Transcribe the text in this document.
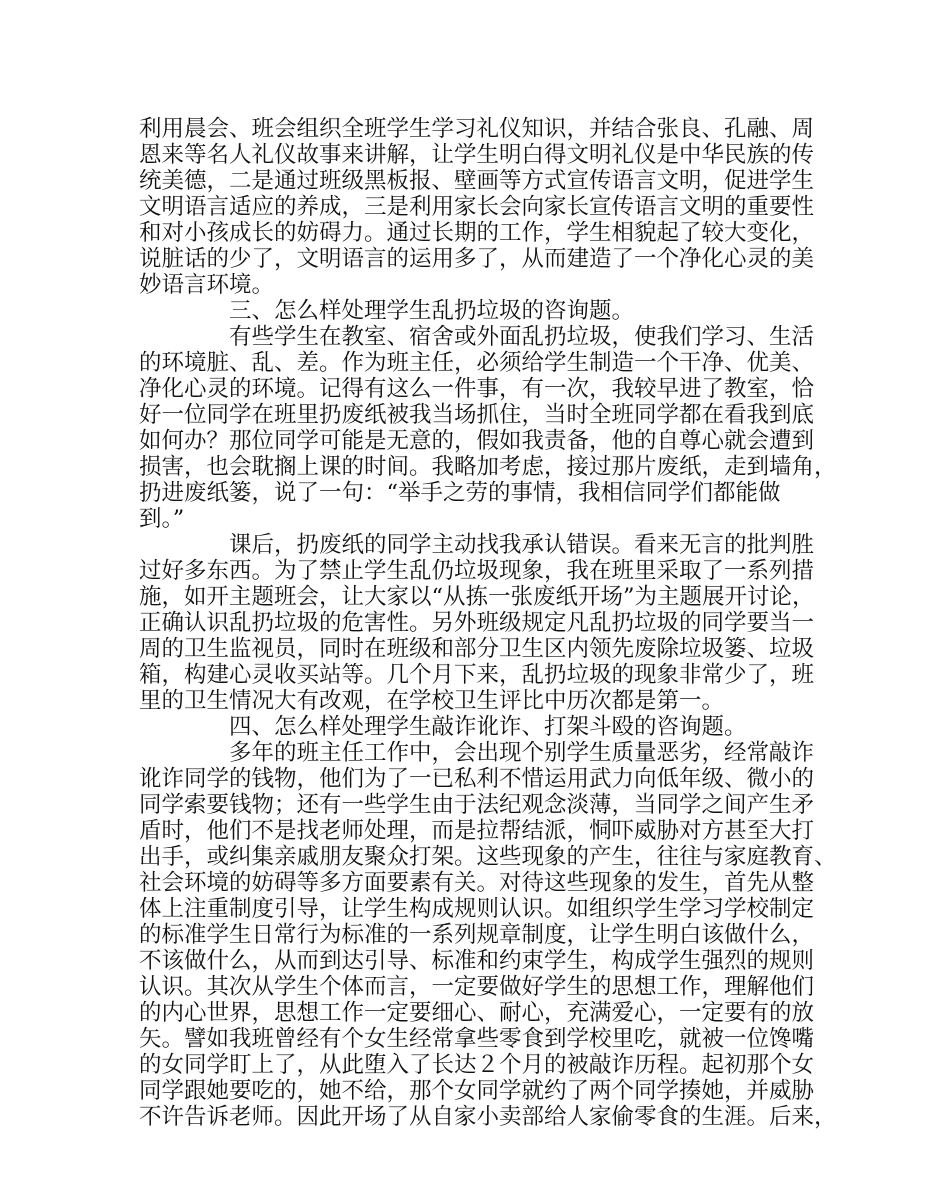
利用晨会、班会组织全班学生学习礼仪知识，并结合张良、孔融、周
恩来等名人礼仪故事来讲解，让学生明白得文明礼仪是中华民族的传
统美德，二是通过班级黑板报、壁画等方式宣传语言文明，促进学生
文明语言适应的养成，三是利用家长会向家长宣传语言文明的重要性
和对小孩成长的妨碍力。通过长期的工作，学生相貌起了较大变化，
说脏话的少了，文明语言的运用多了，从而建造了一个净化心灵的美
妙语言环境。
三、怎么样处理学生乱扔垃圾的咨询题。
有些学生在教室、宿舍或外面乱扔垃圾，使我们学习、生活
的环境脏、乱、差。作为班主任，必须给学生制造一个干净、优美、
净化心灵的环境。记得有这么一件事，有一次，我较早进了教室，恰
好一位同学在班里扔废纸被我当场抓住，当时全班同学都在看我到底
如何办？那位同学可能是无意的，假如我责备，他的自尊心就会遭到
损害，也会耽搁上课的时间。我略加考虑，接过那片废纸，走到墙角，
扔进废纸篓，说了一句：“举手之劳的事情，我相信同学们都能做
到。”
课后，扔废纸的同学主动找我承认错误。看来无言的批判胜
过好多东西。为了禁止学生乱仍垃圾现象，我在班里采取了一系列措
施，如开主题班会，让大家以“从拣一张废纸开场”为主题展开讨论，
正确认识乱扔垃圾的危害性。另外班级规定凡乱扔垃圾的同学要当一
周的卫生监视员，同时在班级和部分卫生区内领先废除垃圾篓、垃圾
箱，构建心灵收买站等。几个月下来，乱扔垃圾的现象非常少了，班
里的卫生情况大有改观，在学校卫生评比中历次都是第一。
四、怎么样处理学生敲诈讹诈、打架斗殴的咨询题。
多年的班主任工作中，会出现个别学生质量恶劣，经常敲诈
讹诈同学的钱物，他们为了一已私利不惜运用武力向低年级、微小的
同学索要钱物；还有一些学生由于法纪观念淡薄，当同学之间产生矛
盾时，他们不是找老师处理，而是拉帮结派，恫吓威胁对方甚至大打
出手，或纠集亲戚朋友聚众打架。这些现象的产生，往往与家庭教育、
社会环境的妨碍等多方面要素有关。对待这些现象的发生，首先从整
体上注重制度引导，让学生构成规则认识。如组织学生学习学校制定
的标准学生日常行为标准的一系列规章制度，让学生明白该做什么，
不该做什么，从而到达引导、标准和约束学生，构成学生强烈的规则
认识。其次从学生个体而言，一定要做好学生的思想工作，理解他们
的内心世界，思想工作一定要细心、耐心，充满爱心，一定要有的放
矢。譬如我班曾经有个女生经常拿些零食到学校里吃，就被一位馋嘴
的女同学盯上了，从此堕入了长达２个月的被敲诈历程。起初那个女
同学跟她要吃的，她不给，那个女同学就约了两个同学揍她，并威胁
不许告诉老师。因此开场了从自家小卖部给人家偷零食的生涯。后来，
